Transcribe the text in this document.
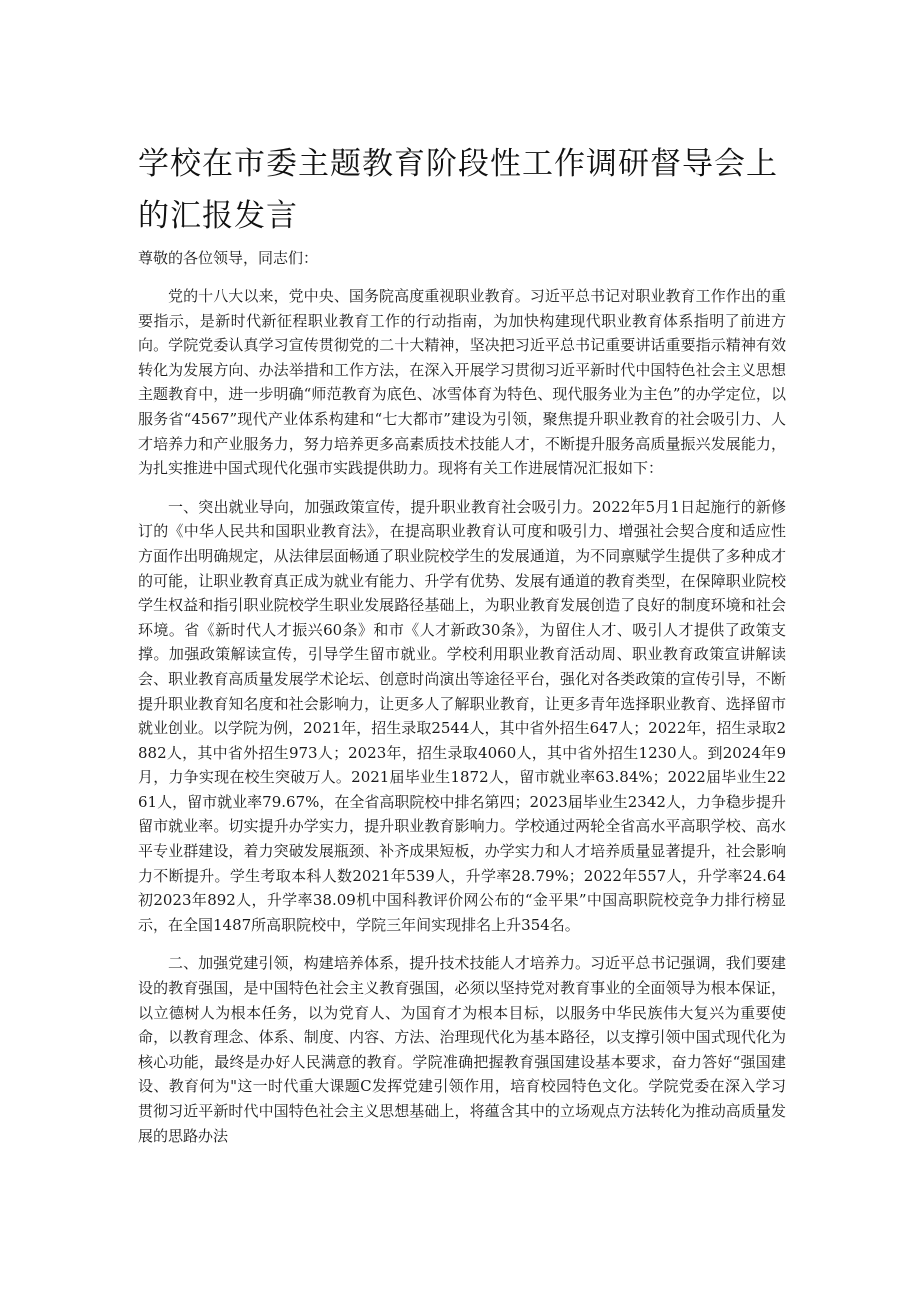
学校在市委主题教育阶段性工作调研督导会上的汇报发言

尊敬的各位领导，同志们：

党的十八大以来，党中央、国务院高度重视职业教育。习近平总书记对职业教育工作作出的重要指示，是新时代新征程职业教育工作的行动指南，为加快构建现代职业教育体系指明了前进方向。学院党委认真学习宣传贯彻党的二十大精神，坚决把习近平总书记重要讲话重要指示精神有效转化为发展方向、办法举措和工作方法，在深入开展学习贯彻习近平新时代中国特色社会主义思想主题教育中，进一步明确“师范教育为底色、冰雪体育为特色、现代服务业为主色”的办学定位，以服务省“4567”现代产业体系构建和“七大都市”建设为引领，聚焦提升职业教育的社会吸引力、人才培养力和产业服务力，努力培养更多高素质技术技能人才，不断提升服务高质量振兴发展能力，为扎实推进中国式现代化强市实践提供助力。现将有关工作进展情况汇报如下：

一、突出就业导向，加强政策宣传，提升职业教育社会吸引力。2022年5月1日起施行的新修订的《中华人民共和国职业教育法》，在提高职业教育认可度和吸引力、增强社会契合度和适应性方面作出明确规定，从法律层面畅通了职业院校学生的发展通道，为不同禀赋学生提供了多种成才的可能，让职业教育真正成为就业有能力、升学有优势、发展有通道的教育类型，在保障职业院校学生权益和指引职业院校学生职业发展路径基础上，为职业教育发展创造了良好的制度环境和社会环境。省《新时代人才振兴60条》和市《人才新政30条》，为留住人才、吸引人才提供了政策支撑。加强政策解读宣传，引导学生留市就业。学校利用职业教育活动周、职业教育政策宣讲解读会、职业教育高质量发展学术论坛、创意时尚演出等途径平台，强化对各类政策的宣传引导，不断提升职业教育知名度和社会影响力，让更多人了解职业教育，让更多青年选择职业教育、选择留市就业创业。以学院为例，2021年，招生录取2544人，其中省外招生647人；2022年，招生录取2882人，其中省外招生973人；2023年，招生录取4060人，其中省外招生1230人。到2024年9月，力争实现在校生突破万人。2021届毕业生1872人，留市就业率63.84%；2022届毕业生2261人，留市就业率79.67%，在全省高职院校中排名第四；2023届毕业生2342人，力争稳步提升留市就业率。切实提升办学实力，提升职业教育影响力。学校通过两轮全省高水平高职学校、高水平专业群建设，着力突破发展瓶颈、补齐成果短板，办学实力和人才培养质量显著提升，社会影响力不断提升。学生考取本科人数2021年539人，升学率28.79%；2022年557人，升学率24.64初2023年892人，升学率38.09机中国科教评价网公布的“金平果”中国高职院校竞争力排行榜显示，在全国1487所高职院校中，学院三年间实现排名上升354名。

二、加强党建引领，构建培养体系，提升技术技能人才培养力。习近平总书记强调，我们要建设的教育强国，是中国特色社会主义教育强国，必须以坚持党对教育事业的全面领导为根本保证，以立德树人为根本任务，以为党育人、为国育才为根本目标，以服务中华民族伟大复兴为重要使命，以教育理念、体系、制度、内容、方法、治理现代化为基本路径，以支撑引领中国式现代化为核心功能，最终是办好人民满意的教育。学院准确把握教育强国建设基本要求，奋力答好“强国建设、教育何为"这一时代重大课题C发挥党建引领作用，培育校园特色文化。学院党委在深入学习贯彻习近平新时代中国特色社会主义思想基础上，将蕴含其中的立场观点方法转化为推动高质量发展的思路办法
